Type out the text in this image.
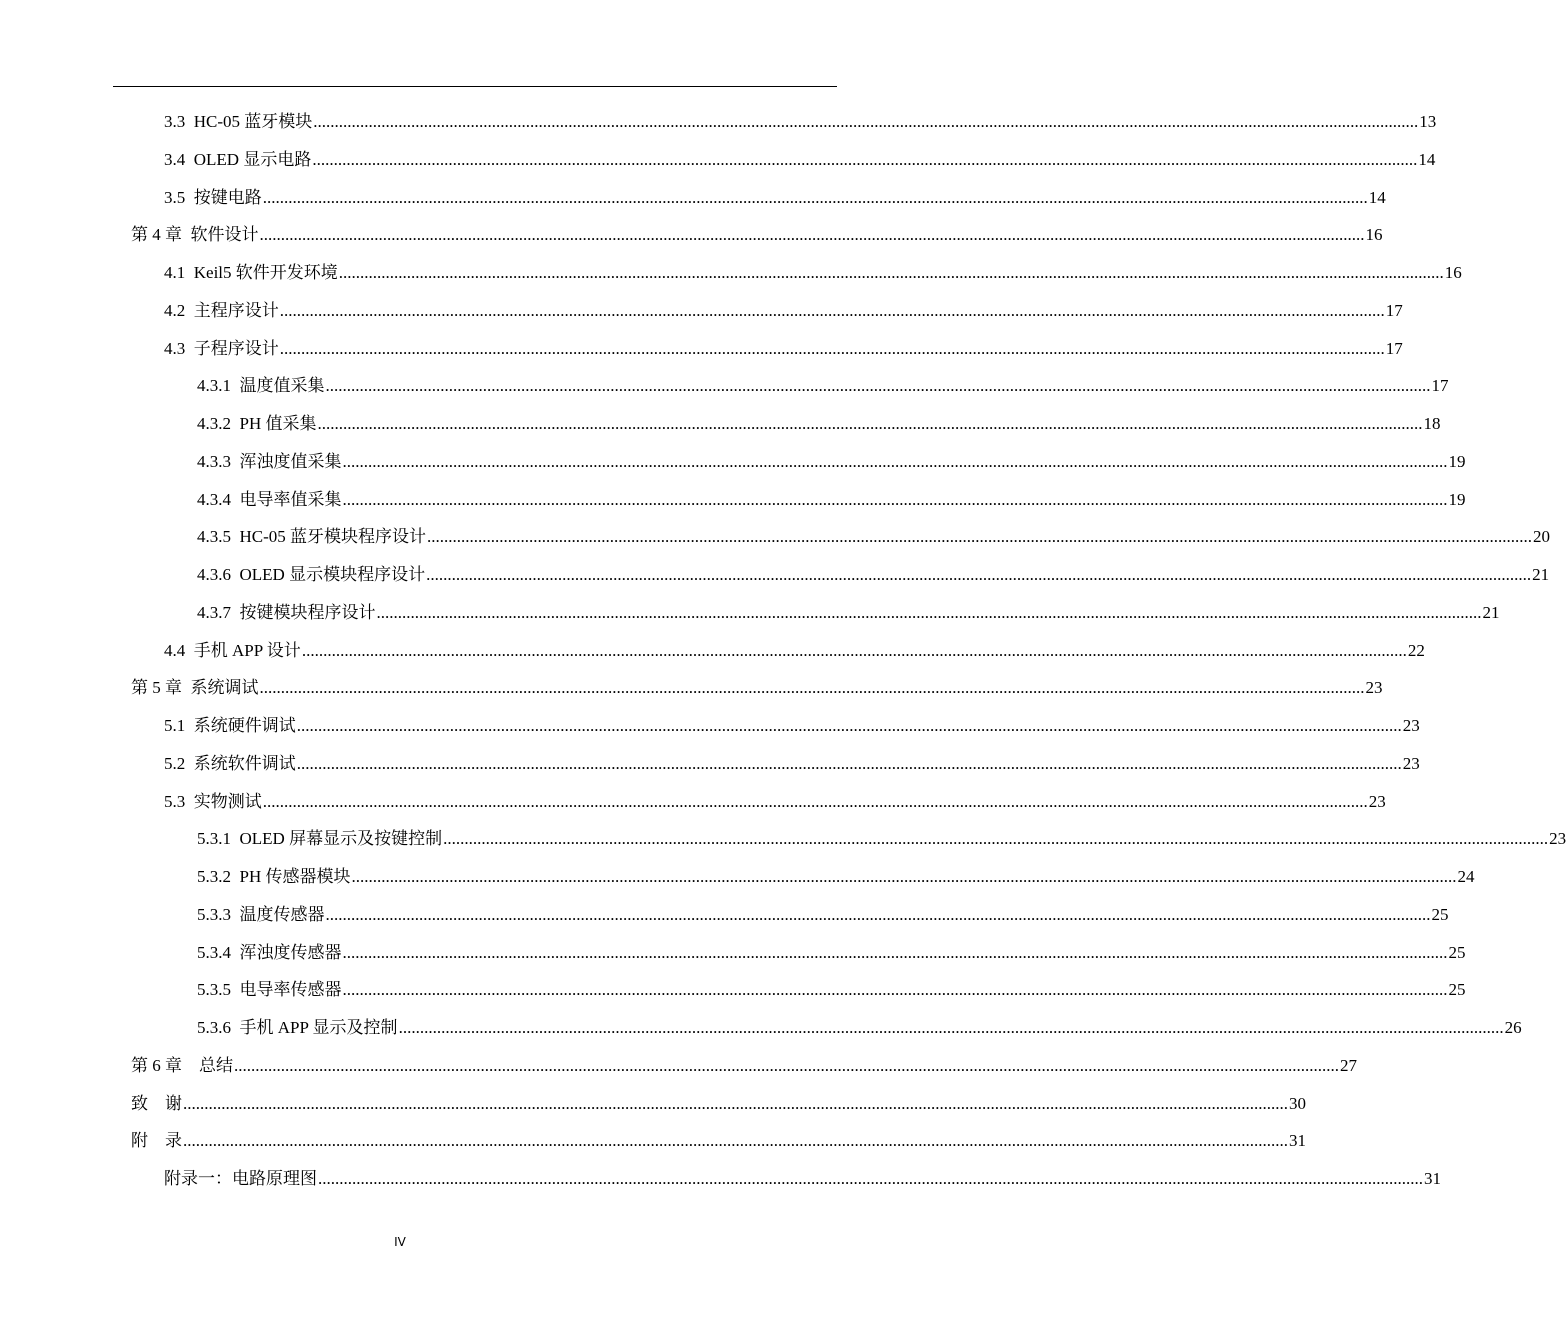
3.3  HC-05 蓝牙模块 .................................................................................................................................................................................................................................................................... 13
3.4  OLED 显示电路 .................................................................................................................................................................................................................................................................... 14
3.5  按键电路 .................................................................................................................................................................................................................................................................... 14
第 4 章  软件设计 .................................................................................................................................................................................................................................................................... 16
4.1  Keil5 软件开发环境 .................................................................................................................................................................................................................................................................... 16
4.2  主程序设计 .................................................................................................................................................................................................................................................................... 17
4.3  子程序设计 .................................................................................................................................................................................................................................................................... 17
4.3.1  温度值采集 .................................................................................................................................................................................................................................................................... 17
4.3.2  PH 值采集 .................................................................................................................................................................................................................................................................... 18
4.3.3  浑浊度值采集 .................................................................................................................................................................................................................................................................... 19
4.3.4  电导率值采集 .................................................................................................................................................................................................................................................................... 19
4.3.5  HC-05 蓝牙模块程序设计 .................................................................................................................................................................................................................................................................... 20
4.3.6  OLED 显示模块程序设计 .................................................................................................................................................................................................................................................................... 21
4.3.7  按键模块程序设计 .................................................................................................................................................................................................................................................................... 21
4.4  手机 APP 设计 .................................................................................................................................................................................................................................................................... 22
第 5 章  系统调试 .................................................................................................................................................................................................................................................................... 23
5.1  系统硬件调试 .................................................................................................................................................................................................................................................................... 23
5.2  系统软件调试 .................................................................................................................................................................................................................................................................... 23
5.3  实物测试 .................................................................................................................................................................................................................................................................... 23
5.3.1  OLED 屏幕显示及按键控制 .................................................................................................................................................................................................................................................................... 23
5.3.2  PH 传感器模块 .................................................................................................................................................................................................................................................................... 24
5.3.3  温度传感器 .................................................................................................................................................................................................................................................................... 25
5.3.4  浑浊度传感器 .................................................................................................................................................................................................................................................................... 25
5.3.5  电导率传感器 .................................................................................................................................................................................................................................................................... 25
5.3.6  手机 APP 显示及控制 .................................................................................................................................................................................................................................................................... 26
第 6 章    总结 .................................................................................................................................................................................................................................................................... 27
致    谢 .................................................................................................................................................................................................................................................................... 30
附    录 .................................................................................................................................................................................................................................................................... 31
附录一：电路原理图 .................................................................................................................................................................................................................................................................... 31
IV
